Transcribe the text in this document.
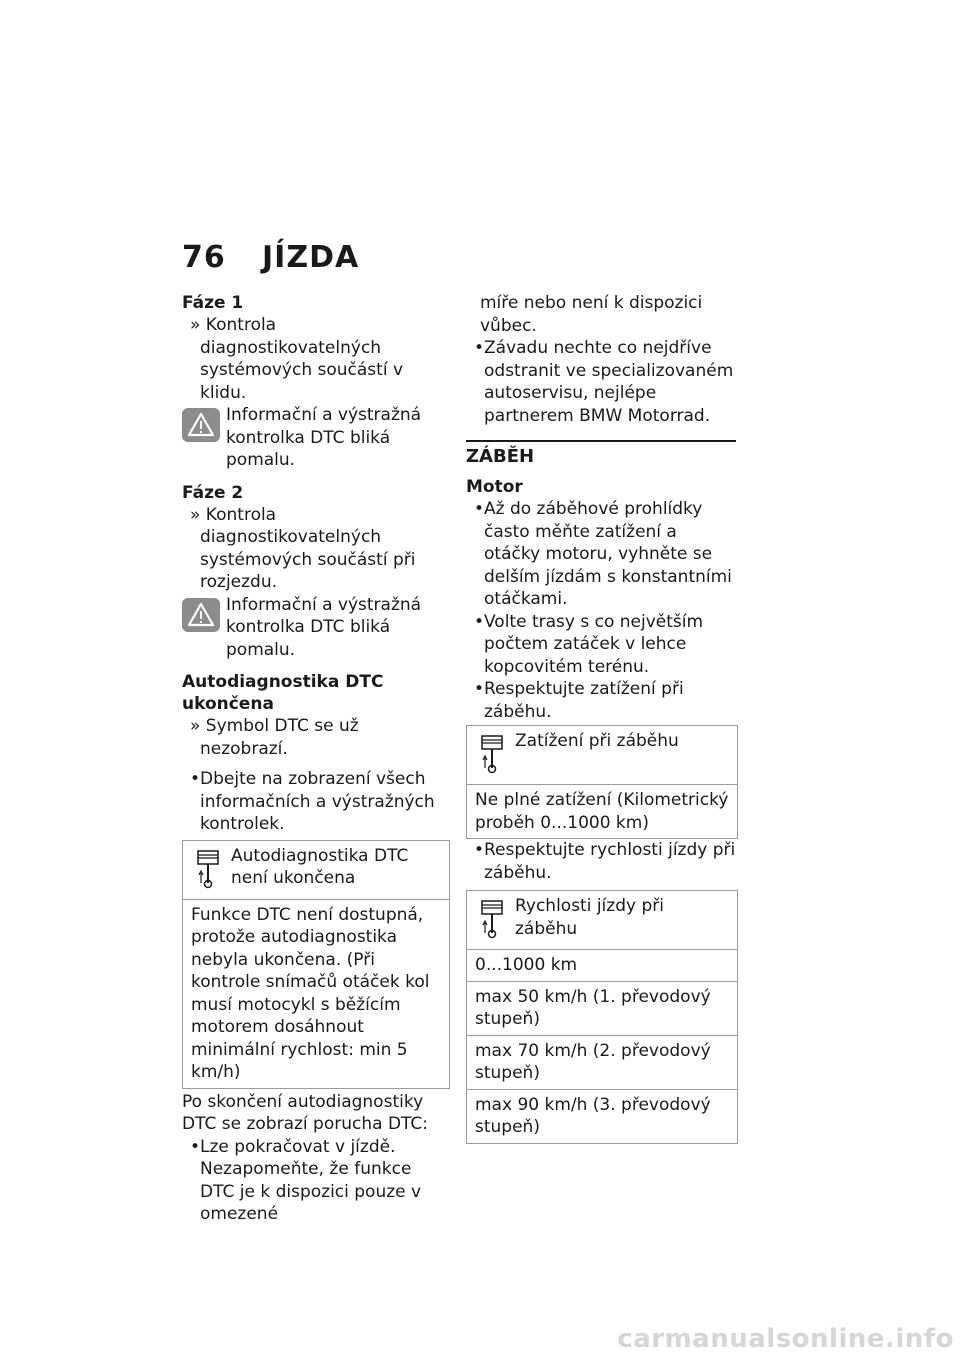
76 JÍZDA
Fáze 1
» Kontrola diagnostikovatelných systémových součástí v klidu.
Informační a výstražná kontrolka DTC bliká pomalu.
Fáze 2
» Kontrola diagnostikovatelných systémových součástí při rozjezdu.
Informační a výstražná kontrolka DTC bliká pomalu.
Autodiagnostika DTC ukončena
» Symbol DTC se už nezobrazí.
•Dbejte na zobrazení všech informačních a výstražných kontrolek.
Autodiagnostika DTC není ukončena
Funkce DTC není dostupná, protože autodiagnostika nebyla ukončena. (Při kontrole snímačů otáček kol musí motocykl s běžícím motorem dosáhnout minimální rychlost: min 5 km/h)
Po skončení autodiagnostiky DTC se zobrazí porucha DTC:
•Lze pokračovat v jízdě. Nezapomeňte, že funkce DTC je k dispozici pouze v omezené
míře nebo není k dispozici vůbec.
•Závadu nechte co nejdříve odstranit ve specializovaném autoservisu, nejlépe partnerem BMW Motorrad.
ZÁBĚH
Motor
•Až do záběhové prohlídky často měňte zatížení a otáčky motoru, vyhněte se delším jízdám s konstantními otáčkami.
•Volte trasy s co největším počtem zatáček v lehce kopcovitém terénu.
•Respektujte zatížení při záběhu.
Zatížení při záběhu
Ne plné zatížení (Kilometrický proběh 0...1000 km)
•Respektujte rychlosti jízdy při záběhu.
Rychlosti jízdy při záběhu
0...1000 km
max 50 km/h (1. převodový stupeň)
max 70 km/h (2. převodový stupeň)
max 90 km/h (3. převodový stupeň)
carmanualsonline.info
